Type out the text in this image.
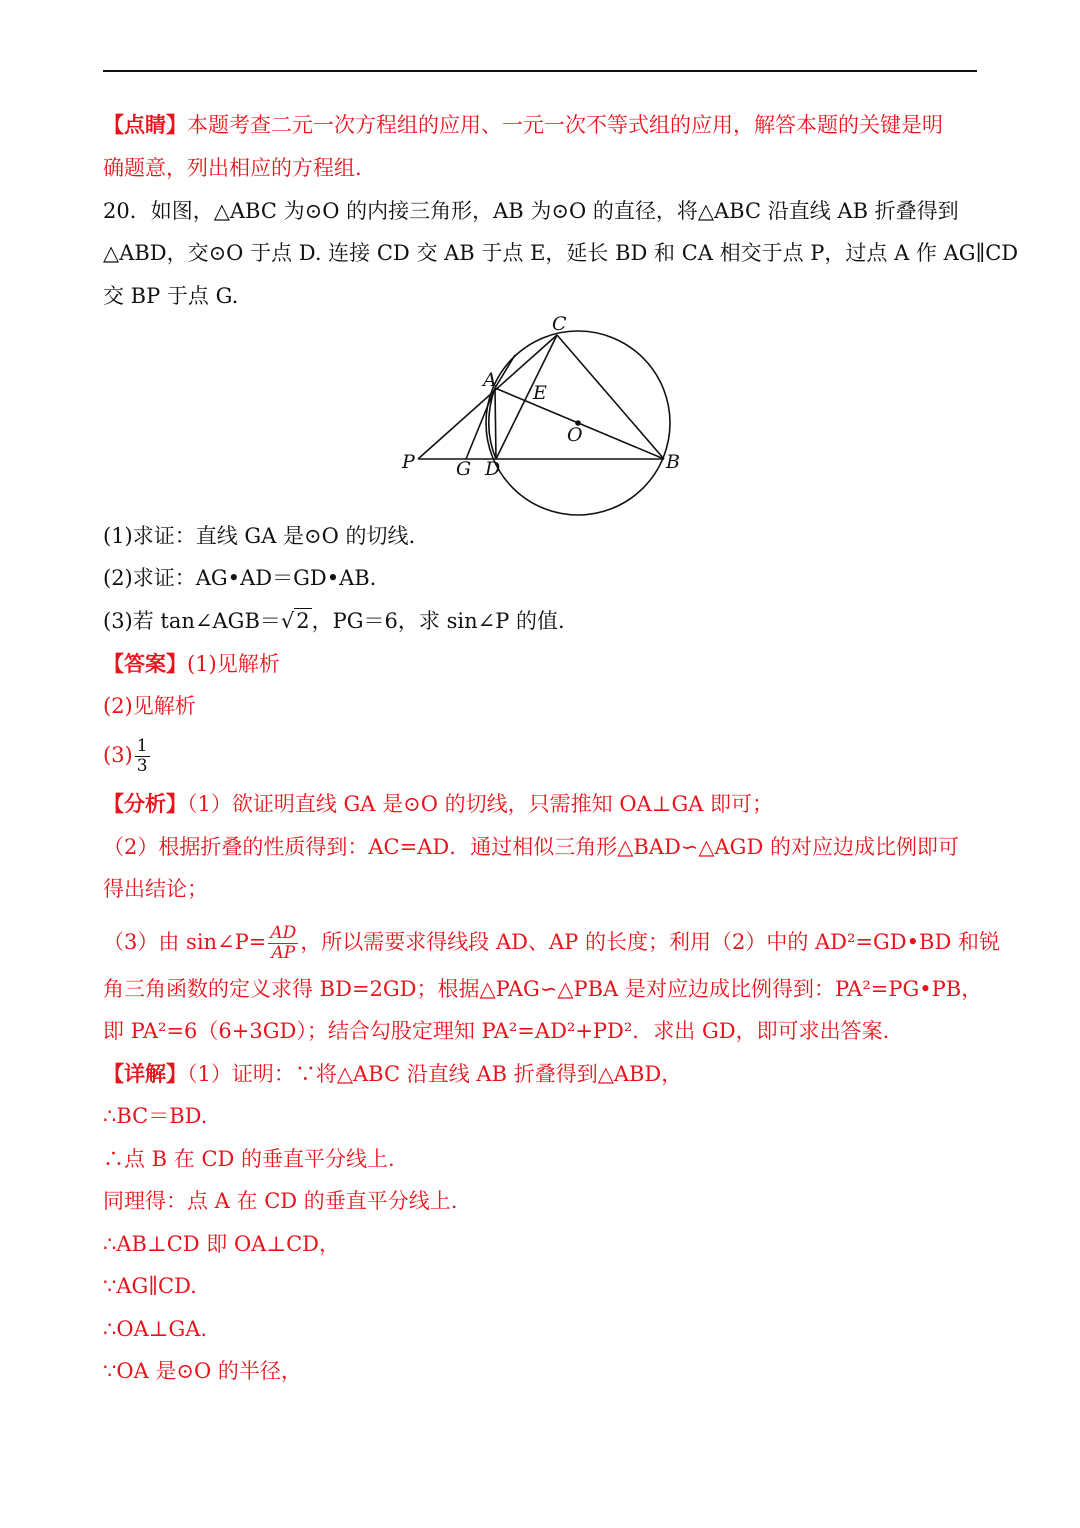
【点睛】本题考查二元一次方程组的应用、一元一次不等式组的应用，解答本题的关键是明
确题意，列出相应的方程组.
20．如图，△ABC 为⊙O 的内接三角形，AB 为⊙O 的直径，将△ABC 沿直线 AB 折叠得到
△ABD，交⊙O 于点 D. 连接 CD 交 AB 于点 E，延长 BD 和 CA 相交于点 P，过点 A 作 AG∥CD
交 BP 于点 G.
C
A
E
O
P G D	B
(1)求证：直线 GA 是⊙O 的切线.
(2)求证：AG•AD＝GD•AB.
(3)若 tan∠AGB＝√2，PG＝6，求 sin∠P 的值.
【答案】(1)见解析
(2)见解析
$(3) \frac{1}{3}$
【分析】（1）欲证明直线 GA 是⊙O 的切线，只需推知 OA⊥GA 即可；
（2）根据折叠的性质得到：AC=AD．通过相似三角形△BAD∽△AGD 的对应边成比例即可
得出结论；
（3）由 sin∠P= $\frac{AD}{AP}$ ，所以需要求得线段 AD、AP 的长度；利用（2）中的 AD²=GD•BD 和锐
角三角函数的定义求得 BD=2GD；根据△PAG∽△PBA 是对应边成比例得到：PA²=PG•PB，
即 PA²=6（6+3GD）；结合勾股定理知 PA²=AD²+PD²．求出 GD，即可求出答案.
【详解】（1）证明：∵将△ABC 沿直线 AB 折叠得到△ABD，
∴BC＝BD.
∴点 B 在 CD 的垂直平分线上.
同理得：点 A 在 CD 的垂直平分线上.
∴AB⊥CD 即 OA⊥CD，
∵AG∥CD.
∴OA⊥GA.
∵OA 是⊙O 的半径，
